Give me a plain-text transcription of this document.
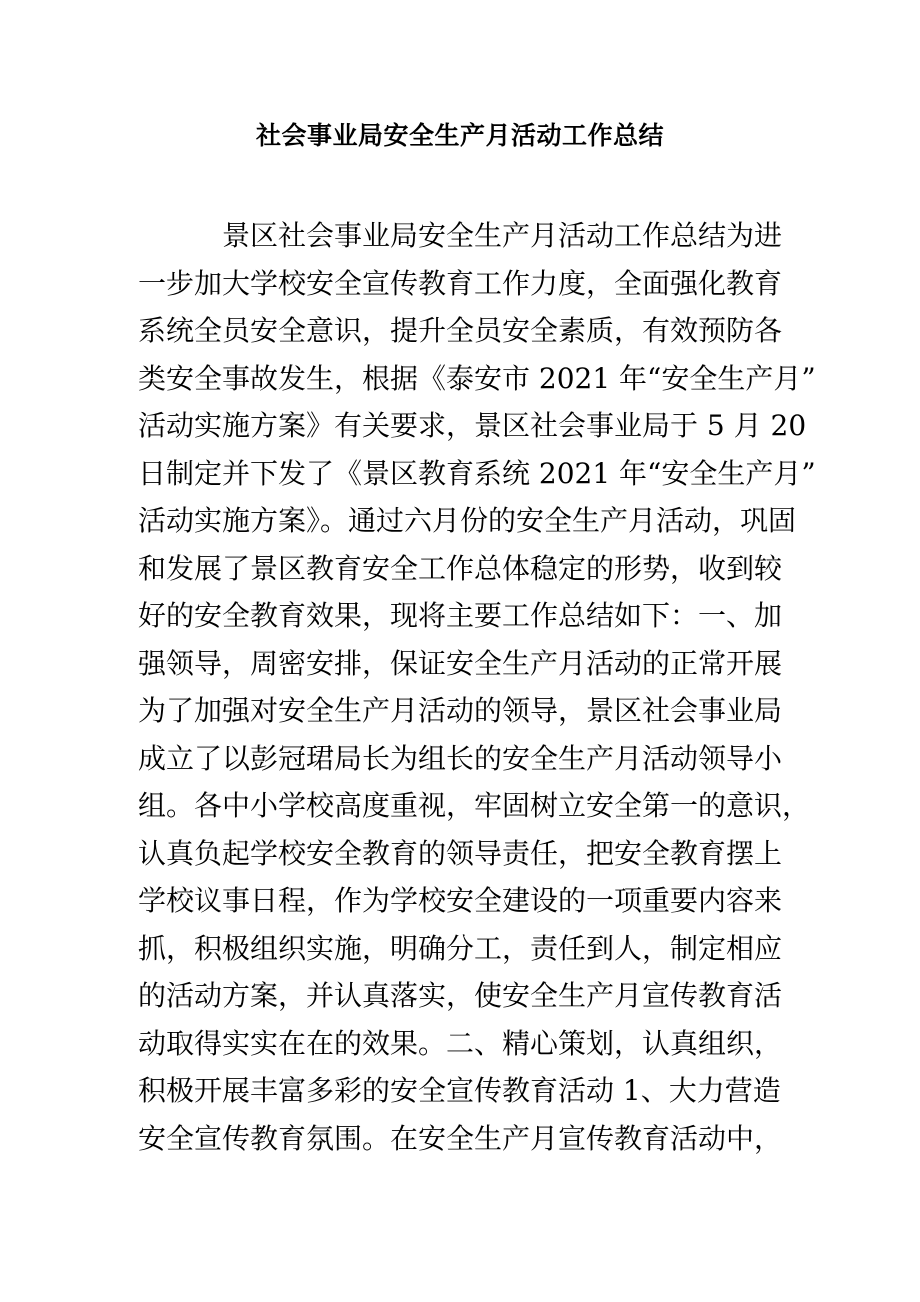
社会事业局安全生产月活动工作总结
景区社会事业局安全生产月活动工作总结为进
一步加大学校安全宣传教育工作力度，全面强化教育
系统全员安全意识，提升全员安全素质，有效预防各
类安全事故发生，根据《泰安市 2021 年“安全生产月”
活动实施方案》有关要求，景区社会事业局于 5 月 20
日制定并下发了《景区教育系统 2021 年“安全生产月”
活动实施方案》。通过六月份的安全生产月活动，巩固
和发展了景区教育安全工作总体稳定的形势，收到较
好的安全教育效果，现将主要工作总结如下：一、加
强领导，周密安排，保证安全生产月活动的正常开展
为了加强对安全生产月活动的领导，景区社会事业局
成立了以彭冠珺局长为组长的安全生产月活动领导小
组。各中小学校高度重视，牢固树立安全第一的意识，
认真负起学校安全教育的领导责任，把安全教育摆上
学校议事日程，作为学校安全建设的一项重要内容来
抓，积极组织实施，明确分工，责任到人，制定相应
的活动方案，并认真落实，使安全生产月宣传教育活
动取得实实在在的效果。二、精心策划，认真组织，
积极开展丰富多彩的安全宣传教育活动 1、大力营造
安全宣传教育氛围。在安全生产月宣传教育活动中，
